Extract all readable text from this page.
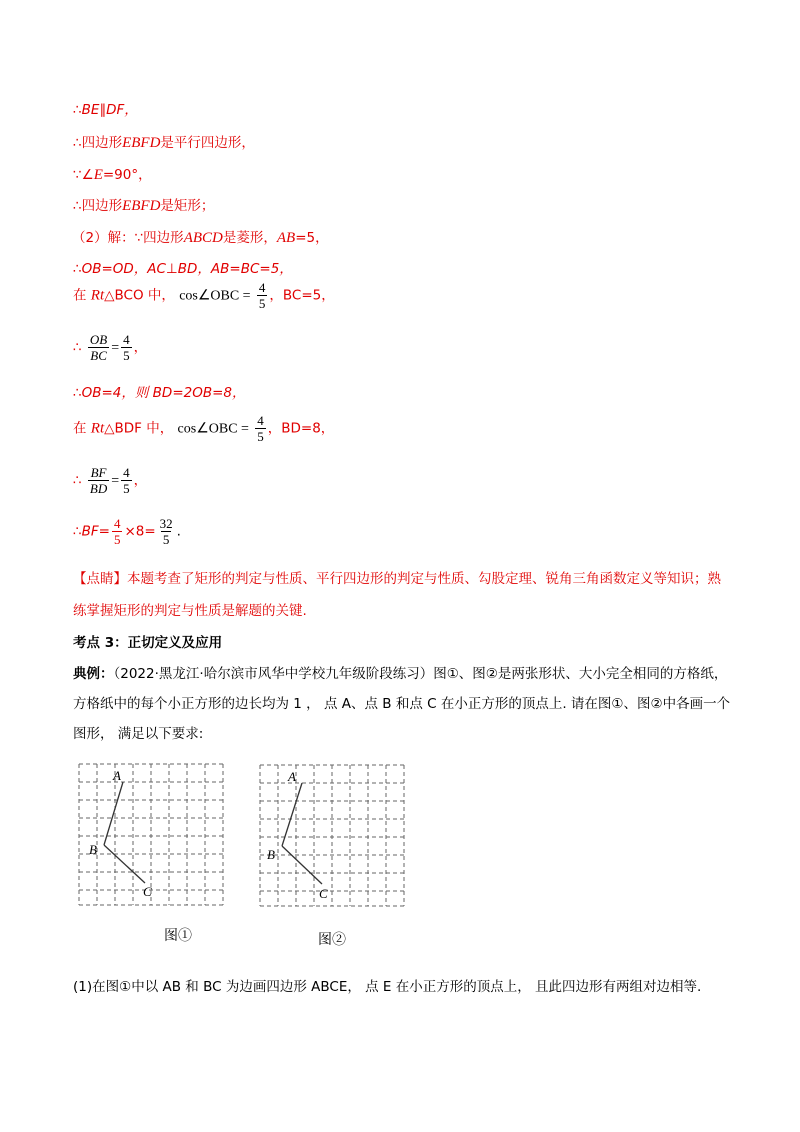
∴BE∥DF，
∴四边形EBFD是平行四边形，
∵∠E=90°，
∴四边形EBFD是矩形；
（2）解：∵四边形ABCD是菱形，AB=5，
∴OB=OD，AC⊥BD，AB=BC=5，
在 Rt△BCO 中， cos∠OBC = $\frac{4}{5}$ ，BC=5，
∴ $\frac{OB}{BC} = \frac{4}{5}$ ，
∴OB=4，则 BD=2OB=8，
在 Rt△BDF 中， cos∠OBC = $\frac{4}{5}$ ，BD=8，
∴ $\frac{BF}{BD} = \frac{4}{5}$ ，
∴BF= $\frac{4}{5} \times 8= \frac{32}{5}$ .
【点睛】本题考查了矩形的判定与性质、平行四边形的判定与性质、勾股定理、锐角三角函数定义等知识；熟练掌握矩形的判定与性质是解题的关键.
考点 3：正切定义及应用
典例：（2022·黑龙江·哈尔滨市风华中学校九年级阶段练习）图①、图②是两张形状、大小完全相同的方格纸，方格纸中的每个小正方形的边长均为 1 ， 点 A、点 B 和点 C 在小正方形的顶点上. 请在图①、图②中各画一个图形， 满足以下要求:
A
B
C
图①
A
B
C
图②
(1)在图①中以 AB 和 BC 为边画四边形 ABCE， 点 E 在小正方形的顶点上， 且此四边形有两组对边相等.
